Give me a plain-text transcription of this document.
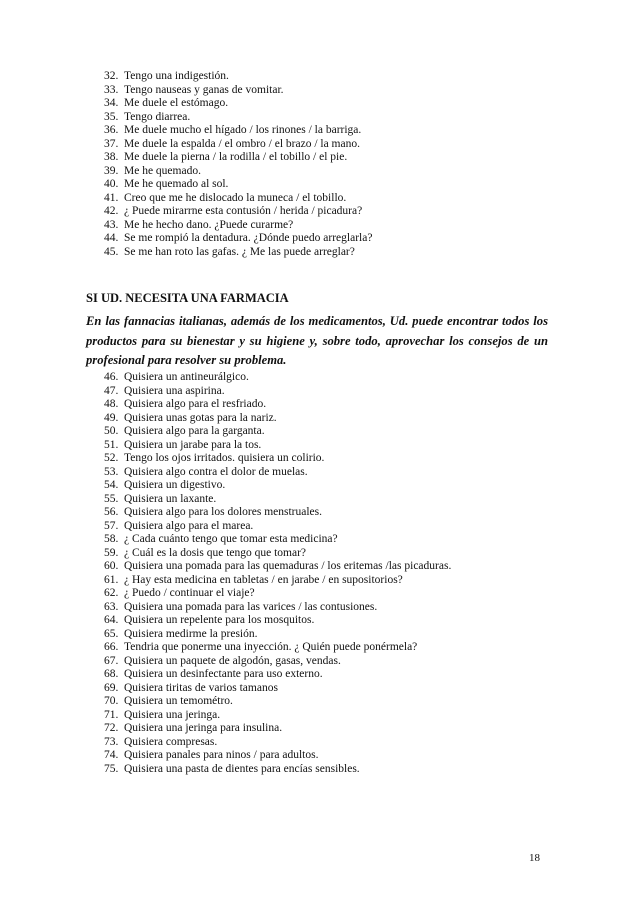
32. Tengo una indigestión.
33. Tengo nauseas y ganas de vomitar.
34. Me duele el estómago.
35. Tengo diarrea.
36. Me duele mucho el hígado / los rinones / la barriga.
37. Me duele la espalda / el ombro / el brazo / la mano.
38. Me duele la pierna / la rodilla / el tobillo / el pie.
39. Me he quemado.
40. Me he quemado al sol.
41. Creo que me he dislocado la muneca / el tobillo.
42. ¿ Puede mirarrne esta contusión / herida / picadura?
43. Me he hecho dano. ¿Puede curarme?
44. Se me rompió la dentadura. ¿Dónde puedo arreglarla?
45. Se me han roto las gafas. ¿ Me las puede arreglar?
SI UD. NECESITA UNA FARMACIA

En las fannacias italianas, además de los medicamentos, Ud. puede encontrar todos los productos para su bienestar y su higiene y, sobre todo, aprovechar los consejos de un profesional para resolver su problema.

46. Quisiera un antineurálgico.
47. Quisiera una aspirina.
48. Quisiera algo para el resfriado.
49. Quisiera unas gotas para la nariz.
50. Quisiera algo para la garganta.
51. Quisiera un jarabe para la tos.
52. Tengo los ojos irritados. quisiera un colirio.
53. Quisiera algo contra el dolor de muelas.
54. Quisiera un digestivo.
55. Quisiera un laxante.
56. Quisiera algo para los dolores menstruales.
57. Quisiera algo para el marea.
58. ¿ Cada cuánto tengo que tomar esta medicina?
59. ¿ Cuál es la dosis que tengo que tomar?
60. Quisiera una pomada para las quemaduras / los eritemas /las picaduras.
61. ¿ Hay esta medicina en tabletas / en jarabe / en supositorios?
62. ¿ Puedo / continuar el viaje?
63. Quisiera una pomada para las varices / las contusiones.
64. Quisiera un repelente para los mosquitos.
65. Quisiera medirme la presión.
66. Tendria que ponerme una inyección. ¿ Quién puede ponérmela?
67. Quisiera un paquete de algodón, gasas, vendas.
68. Quisiera un desinfectante para uso externo.
69. Quisiera tiritas de varios tamanos
70. Quisiera un temométro.
71. Quisiera una jeringa.
72. Quisiera una jeringa para insulina.
73. Quisiera compresas.
74. Quisiera panales para ninos / para adultos.
75. Quisiera una pasta de dientes para encías sensibles.

18
